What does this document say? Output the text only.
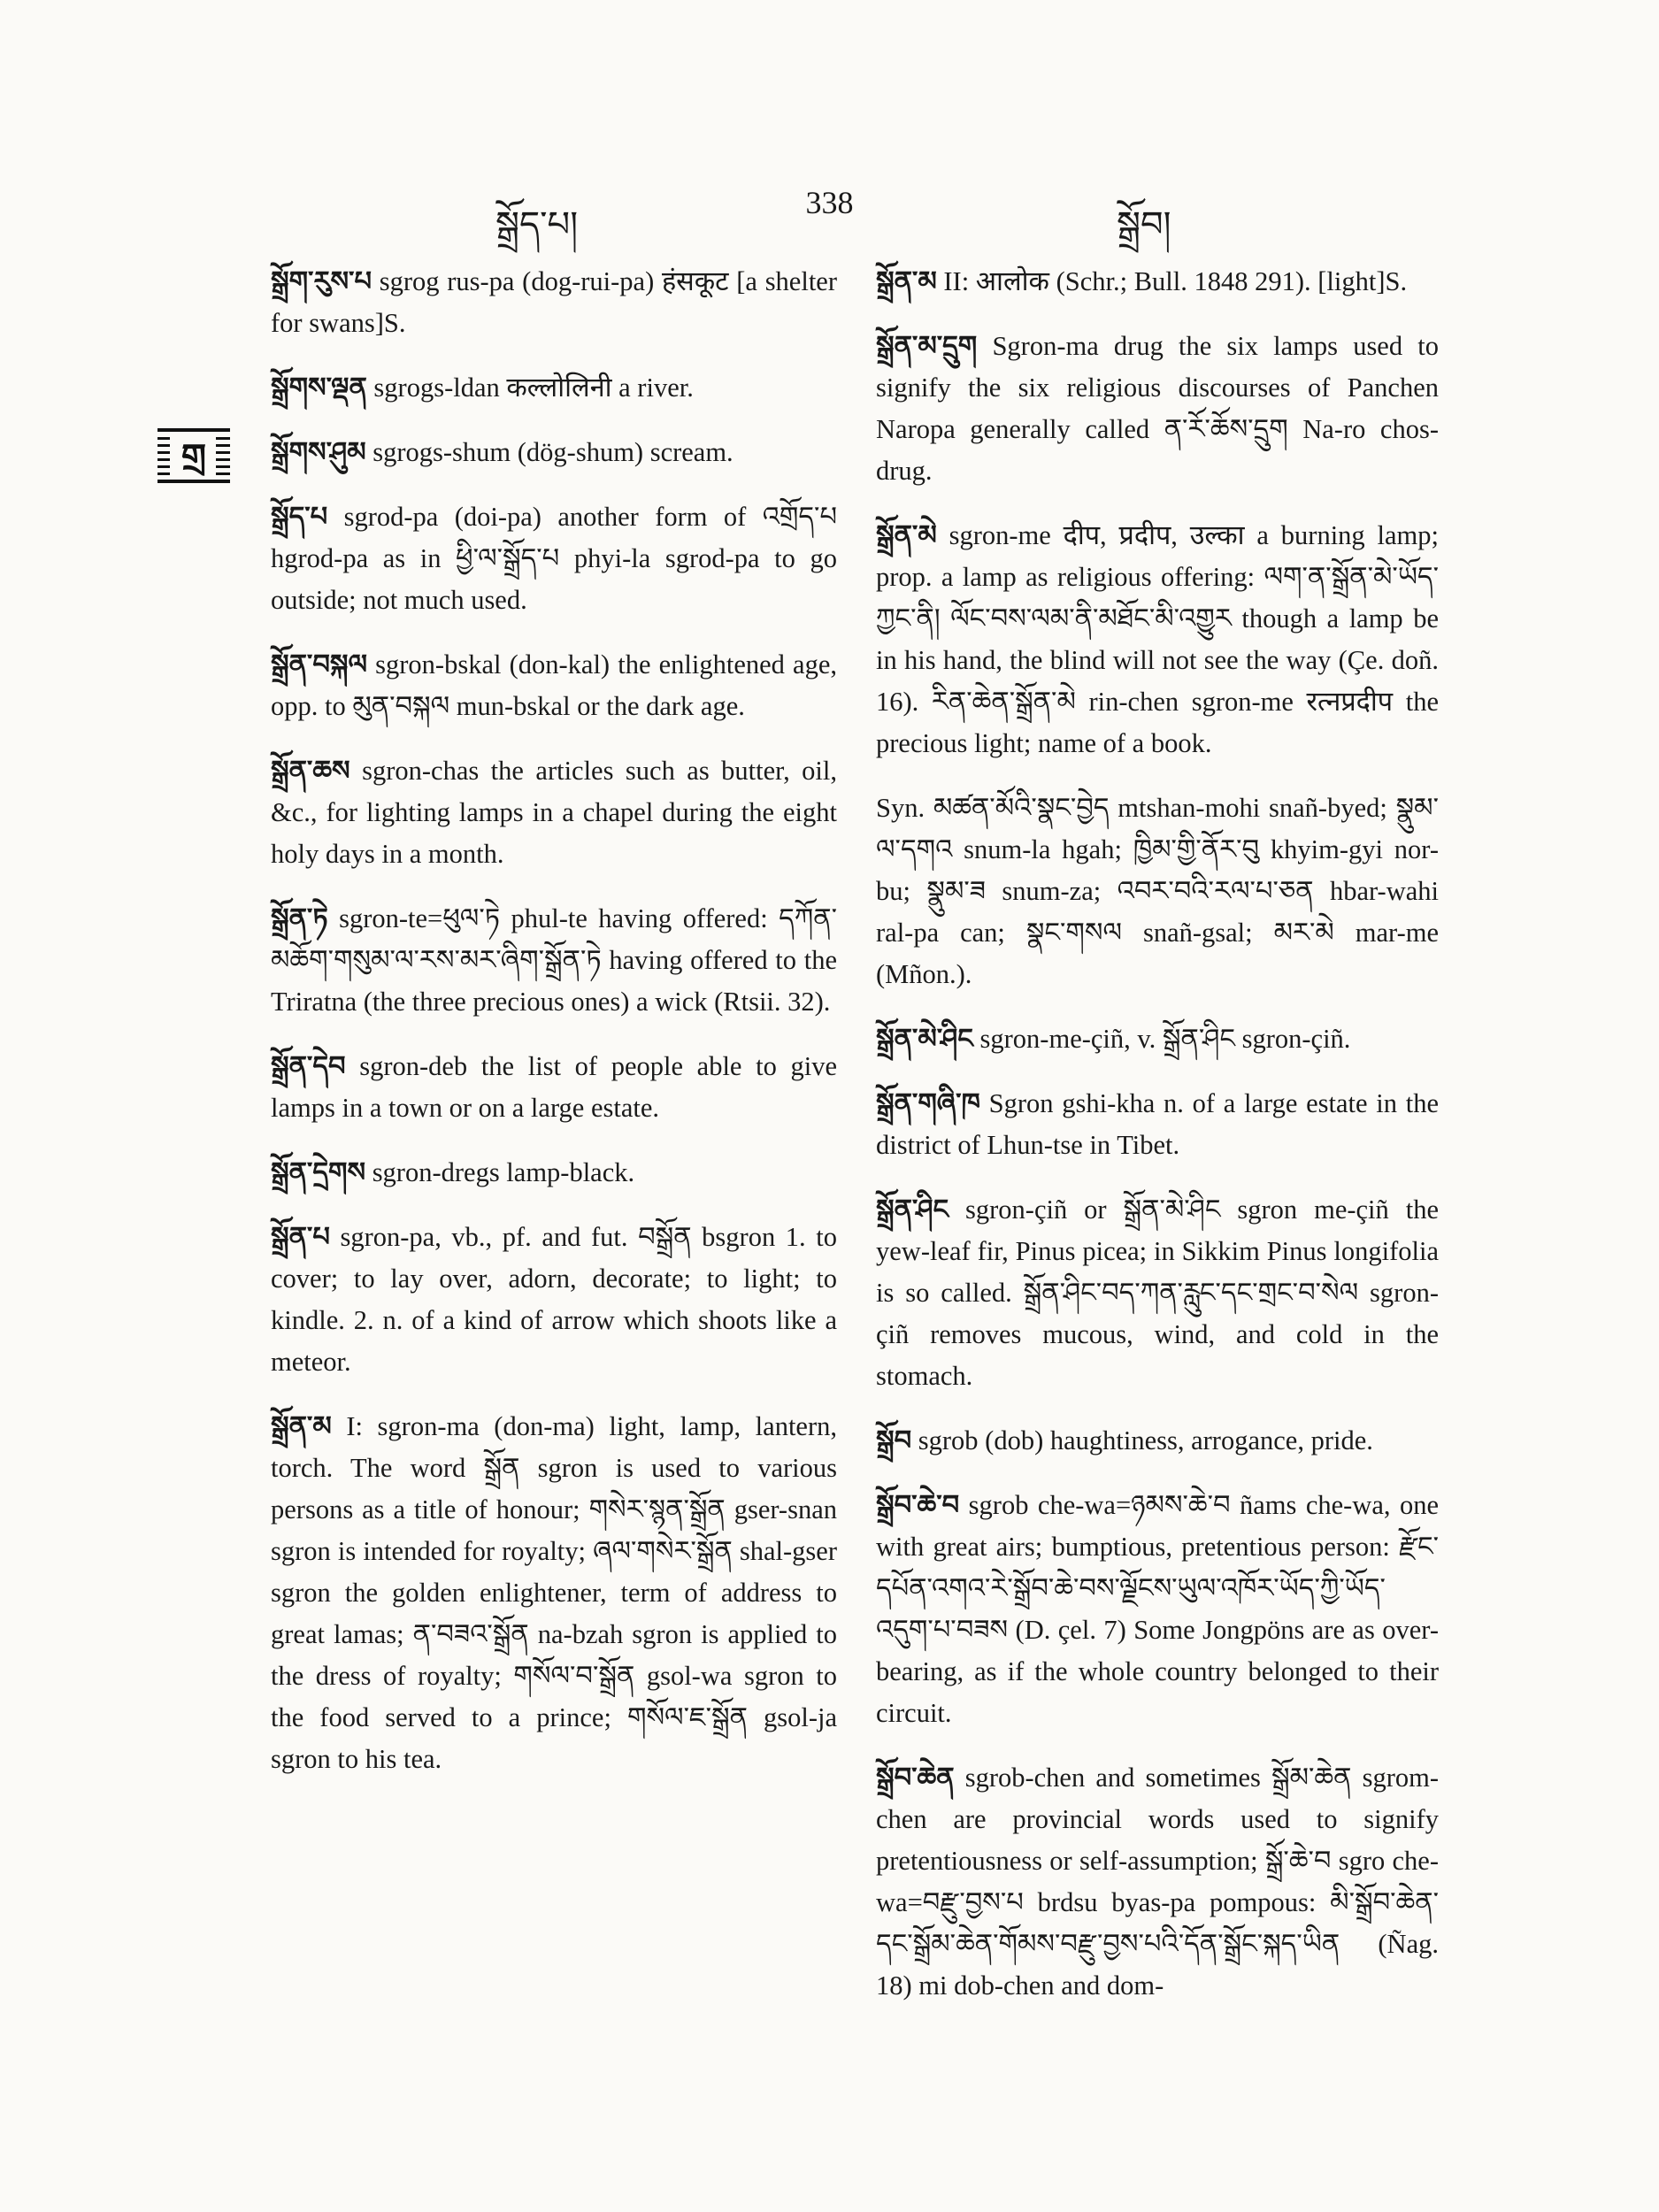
སྒྲོད་པ།
338
སྒྲོབ།
གྲ

སྒྲོག་རུས་པ sgrog rus-pa (dog-rui-pa) हंसकूट [a shelter for swans]S.

སྒྲོགས་ལྡན sgrogs-ldan कल्लोलिनी a river.

སྒྲོགས་ཤུམ sgrogs-shum (dög-shum) scream.

སྒྲོད་པ sgrod-pa (doi-pa) another form of འགྲོད་པ hgrod-pa as in ཕྱི་ལ་སྒྲོད་པ phyi-la sgrod-pa to go outside; not much used.

སྒྲོན་བསྐལ sgron-bskal (don-kal) the enlightened age, opp. to མུན་བསྐལ mun-bskal or the dark age.

སྒྲོན་ཆས sgron-chas the articles such as butter, oil, &c., for lighting lamps in a chapel during the eight holy days in a month.

སྒྲོན་ཏེ sgron-te=ཕུལ་ཏེ phul-te having offered: དཀོན་མཆོག་གསུམ་ལ་རས་མར་ཞིག་སྒྲོན་ཏེ having offered to the Triratna (the three precious ones) a wick (Rtsii. 32).

སྒྲོན་དེབ sgron-deb the list of people able to give lamps in a town or on a large estate.

སྒྲོན་དྲེགས sgron-dregs lamp-black.

སྒྲོན་པ sgron-pa, vb., pf. and fut. བསྒྲོན bsgron 1. to cover; to lay over, adorn, decorate; to light; to kindle. 2. n. of a kind of arrow which shoots like a meteor.

སྒྲོན་མ I: sgron-ma (don-ma) light, lamp, lantern, torch. The word སྒྲོན sgron is used to various persons as a title of honour; གསེར་སྙན་སྒྲོན gser-snan sgron is intended for royalty; ཞལ་གསེར་སྒྲོན shal-gser sgron the golden enlightener, term of address to great lamas; ན་བཟའ་སྒྲོན na-bzah sgron is applied to the dress of royalty; གསོལ་བ་སྒྲོན gsol-wa sgron to the food served to a prince; གསོལ་ཇ་སྒྲོན gsol-ja sgron to his tea.

སྒྲོན་མ II: आलोक (Schr.; Bull. 1848 291). [light]S.

སྒྲོན་མ་དྲུག Sgron-ma drug the six lamps used to signify the six religious discourses of Panchen Naropa generally called ན་རོ་ཆོས་དྲུག Na-ro chos-drug.

སྒྲོན་མེ sgron-me दीप, प्रदीप, उल्का a burning lamp; prop. a lamp as religious offering: ལག་ན་སྒྲོན་མེ་ཡོད་ཀྱང་ནི། ལོང་བས་ལམ་ནི་མཐོང་མི་འགྱུར though a lamp be in his hand, the blind will not see the way (Çe. doñ. 16). རིན་ཆེན་སྒྲོན་མེ rin-chen sgron-me रत्नप्रदीप the precious light; name of a book.

Syn. མཚན་མོའི་སྣང་བྱེད mtshan-mohi snañ-byed; སྣུམ་ལ་དགའ snum-la hgah; ཁྱིམ་གྱི་ནོར་བུ khyim-gyi nor-bu; སྣུམ་ཟ snum-za; འབར་བའི་རལ་པ་ཅན hbar-wahi ral-pa can; སྣང་གསལ snañ-gsal; མར་མེ mar-me (Mñon.).

སྒྲོན་མེ་ཤིང sgron-me-çiñ, v. སྒྲོན་ཤིང sgron-çiñ.

སྒྲོན་གཞི་ཁ Sgron gshi-kha n. of a large estate in the district of Lhun-tse in Tibet.

སྒྲོན་ཤིང sgron-çiñ or སྒྲོན་མེ་ཤིང sgron me-çiñ the yew-leaf fir, Pinus picea; in Sikkim Pinus longifolia is so called. སྒྲོན་ཤིང་བད་ཀན་རླུང་དང་གྲང་བ་སེལ sgron-çiñ removes mucous, wind, and cold in the stomach.

སྒྲོབ sgrob (dob) haughtiness, arrogance, pride.

སྒྲོབ་ཆེ་བ sgrob che-wa=ཉམས་ཆེ་བ ñams che-wa, one with great airs; bumptious, pretentious person: རྫོང་དཔོན་འགའ་རེ་སྒྲོབ་ཆེ་བས་ལྗོངས་ཡུལ་འཁོར་ཡོད་ཀྱི་ཡོད་འདུག་པ་བཟས (D. çel. 7) Some Jongpöns are as over-bearing, as if the whole country belonged to their circuit.

སྒྲོབ་ཆེན sgrob-chen and sometimes སྒྲོམ་ཆེན sgrom-chen are provincial words used to signify pretentiousness or self-assumption; སྒྲོ་ཆེ་བ sgro che-wa=བརྫུ་བྱས་པ brdsu byas-pa pompous: མི་སྒྲོབ་ཆེན་དང་སྒྲོམ་ཆེན་གོམས་བརྫུ་བྱས་པའི་དོན་སྒྲོང་སྐད་ཡིན (Ñag. 18) mi dob-chen and dom-
